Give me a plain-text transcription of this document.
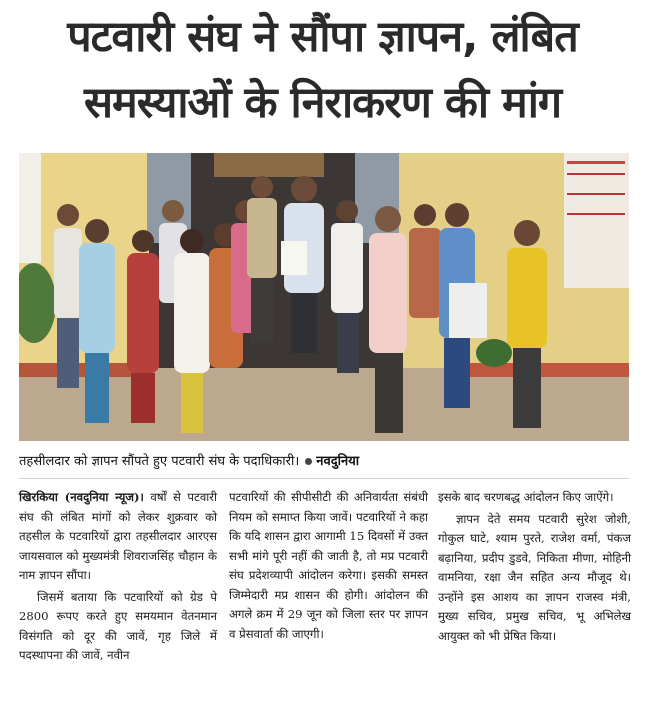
पटवारी संघ ने सौंपा ज्ञापन, लंबित
समस्याओं के निराकरण की मांग
तहसीलदार को ज्ञापन सौंपते हुए पटवारी संघ के पदाधिकारी। नवदुनिया

खिरकिया (नवदुनिया न्यूज)। वर्षों से पटवारी संघ की लंबित मांगों को लेकर शुक्रवार को तहसील के पटवारियों द्वारा तहसीलदार आरएस जायसवाल को मुख्यमंत्री शिवराजसिंह चौहान के नाम ज्ञापन सौंपा।

जिसमें बताया कि पटवारियों को ग्रेड पे 2800 रूपए करते हुए समयमान वेतनमान विसंगति को दूर की जावें, गृह जिले में पदस्थापना की जावें, नवीन

पटवारियों की सीपीसीटी की अनिवार्यता संबंधी नियम को समाप्त किया जावें। पटवारियों ने कहा कि यदि शासन द्वारा आगामी 15 दिवसों में उक्त सभी मांगे पूरी नहीं की जाती है, तो मप्र पटवारी संघ प्रदेशव्यापी आंदोलन करेगा। इसकी समस्त जिम्मेदारी मप्र शासन की होगी। आंदोलन की अगले क्रम में 29 जून को जिला स्तर पर ज्ञापन व प्रेसवार्ता की जाएगी।

इसके बाद चरणबद्ध आंदोलन किए जाऐंगे।

ज्ञापन देते समय पटवारी सुरेश जोशी, गोकुल घाटे, श्याम पुरते, राजेश वर्मा, पंकज बढ़ानिया, प्रदीप डुडवे, निकिता मीणा, मोहिनी वामनिया, रक्षा जैन सहित अन्य मौजूद थे। उन्होंने इस आशय का ज्ञापन राजस्व मंत्री, मुख्य सचिव, प्रमुख सचिव, भू अभिलेख आयुक्त को भी प्रेषित किया।
